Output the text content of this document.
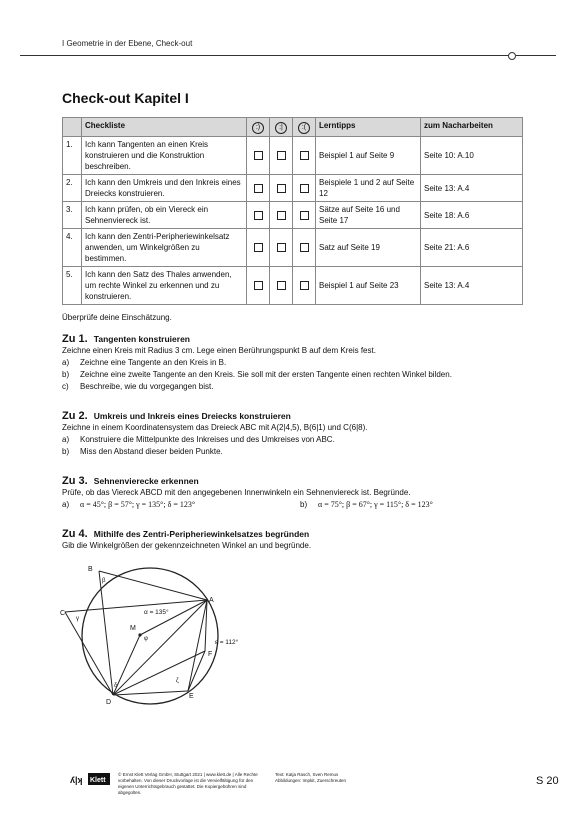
I Geometrie in der Ebene, Check-out
Check-out Kapitel I
	Checkliste	:)	:|	:(	Lerntipps	zum Nacharbeiten
1.	Ich kann Tangenten an einen Kreis konstruieren und die Konstruktion beschreiben.				Beispiel 1 auf Seite 9	Seite 10: A.10
2.	Ich kann den Umkreis und den Inkreis eines Dreiecks konstruieren.				Beispiele 1 und 2 auf Seite 12	Seite 13: A.4
3.	Ich kann prüfen, ob ein Viereck ein Sehnenviereck ist.				Sätze auf Seite 16 und Seite 17	Seite 18: A.6
4.	Ich kann den Zentri-Peripheriewinkelsatz anwenden, um Winkelgrößen zu bestimmen.				Satz auf Seite 19	Seite 21: A.6
5.	Ich kann den Satz des Thales anwenden, um rechte Winkel zu erkennen und zu konstruieren.				Beispiel 1 auf Seite 23	Seite 13: A.4
Überprüfe deine Einschätzung.
Zu 1. Tangenten konstruieren
Zeichne einen Kreis mit Radius 3 cm. Lege einen Berührungspunkt B auf dem Kreis fest.
a)	Zeichne eine Tangente an den Kreis in B.
b)	Zeichne eine zweite Tangente an den Kreis. Sie soll mit der ersten Tangente einen rechten Winkel bilden.
c)	Beschreibe, wie du vorgegangen bist.
Zu 2. Umkreis und Inkreis eines Dreiecks konstruieren
Zeichne in einem Koordinatensystem das Dreieck ABC mit A(2|4,5), B(6|1) und C(6|8).
a)	Konstruiere die Mittelpunkte des Inkreises und des Umkreises von ABC.
b)	Miss den Abstand dieser beiden Punkte.
Zu 3. Sehnenvierecke erkennen
Prüfe, ob das Viereck ABCD mit den angegebenen Innenwinkeln ein Sehnenviereck ist. Begründe.
a)	α = 45°; β = 57°; γ = 135°; δ = 123°	b)	α = 75°; β = 67°; γ = 115°; δ = 123°
Zu 4. Mithilfe des Zentri-Peripheriewinkelsatzes begründen
Gib die Winkelgrößen der gekennzeichneten Winkel an und begründe.
B
A
C
D
E
F
M
α = 135°
ε = 112°
β
γ
δ
ζ
φ
ʎ|ʞ Klett
© Ernst Klett Verlag GmbH, Stuttgart 2021 | www.klett.de | Alle Rechte vorbehalten. Von dieser Druckvorlage ist die Vervielfältigung für den eigenen Unterrichtsgebrauch gestattet. Die Kopiergebühren sind abgegolten.
Text: Katja Rasch, Sven Remus
Abbildungen: Impkit, Zuerschreuten	S 20
